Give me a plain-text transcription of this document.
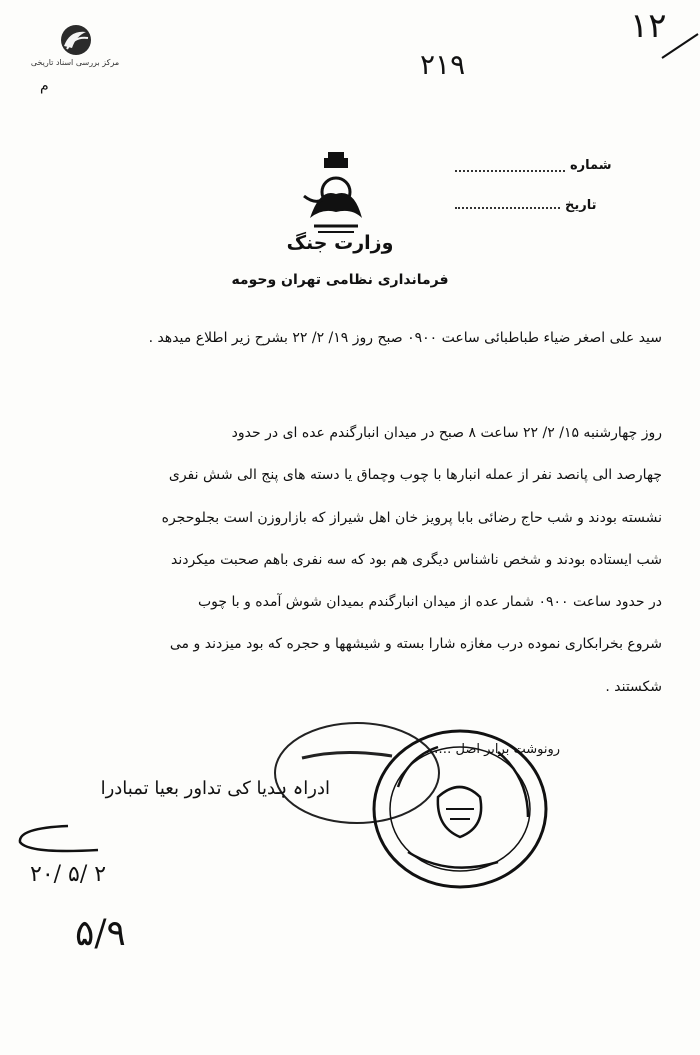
مرکز بررسی اسناد تاریخی
م
۲۱۹
۱۲
وزارت جنگ
فرمانداری نظامی تهران وحومه
شماره
تاریخ
سید علی اصغر ضیاء طباطبائی ساعت ۰۹۰۰ صبح روز ۱۹/ ۲/ ۲۲ بشرح زیر اطلاع میدهد .
روز چهارشنبه ۱۵/ ۲/ ۲۲ ساعت ۸ صبح در میدان انبارگندم عده ای در حدود
چهارصد الی پانصد نفر از عمله انبارها با چوب وچماق یا دسته های پنج الی شش نفری
نشسته بودند و شب حاج رضائی بابا پرویز خان اهل شیراز که بازاروزن است بجلوحجره
شب ایستاده بودند و شخص ناشناس دیگری هم بود که سه نفری باهم صحبت میکردند
در حدود ساعت ۰۹۰۰ شمار عده از میدان انبارگندم بمیدان شوش آمده و با چوب
شروع بخرابکاری نموده درب مغازه شارا بسته و شیشهها و حجره که بود میزدند و می
شکستند .
رونوشت برابر اصل ……
ادراہ ہدیا کی تداور بعیا تمبادرا
۲۰/ ۵/ ۲
۵/۹
